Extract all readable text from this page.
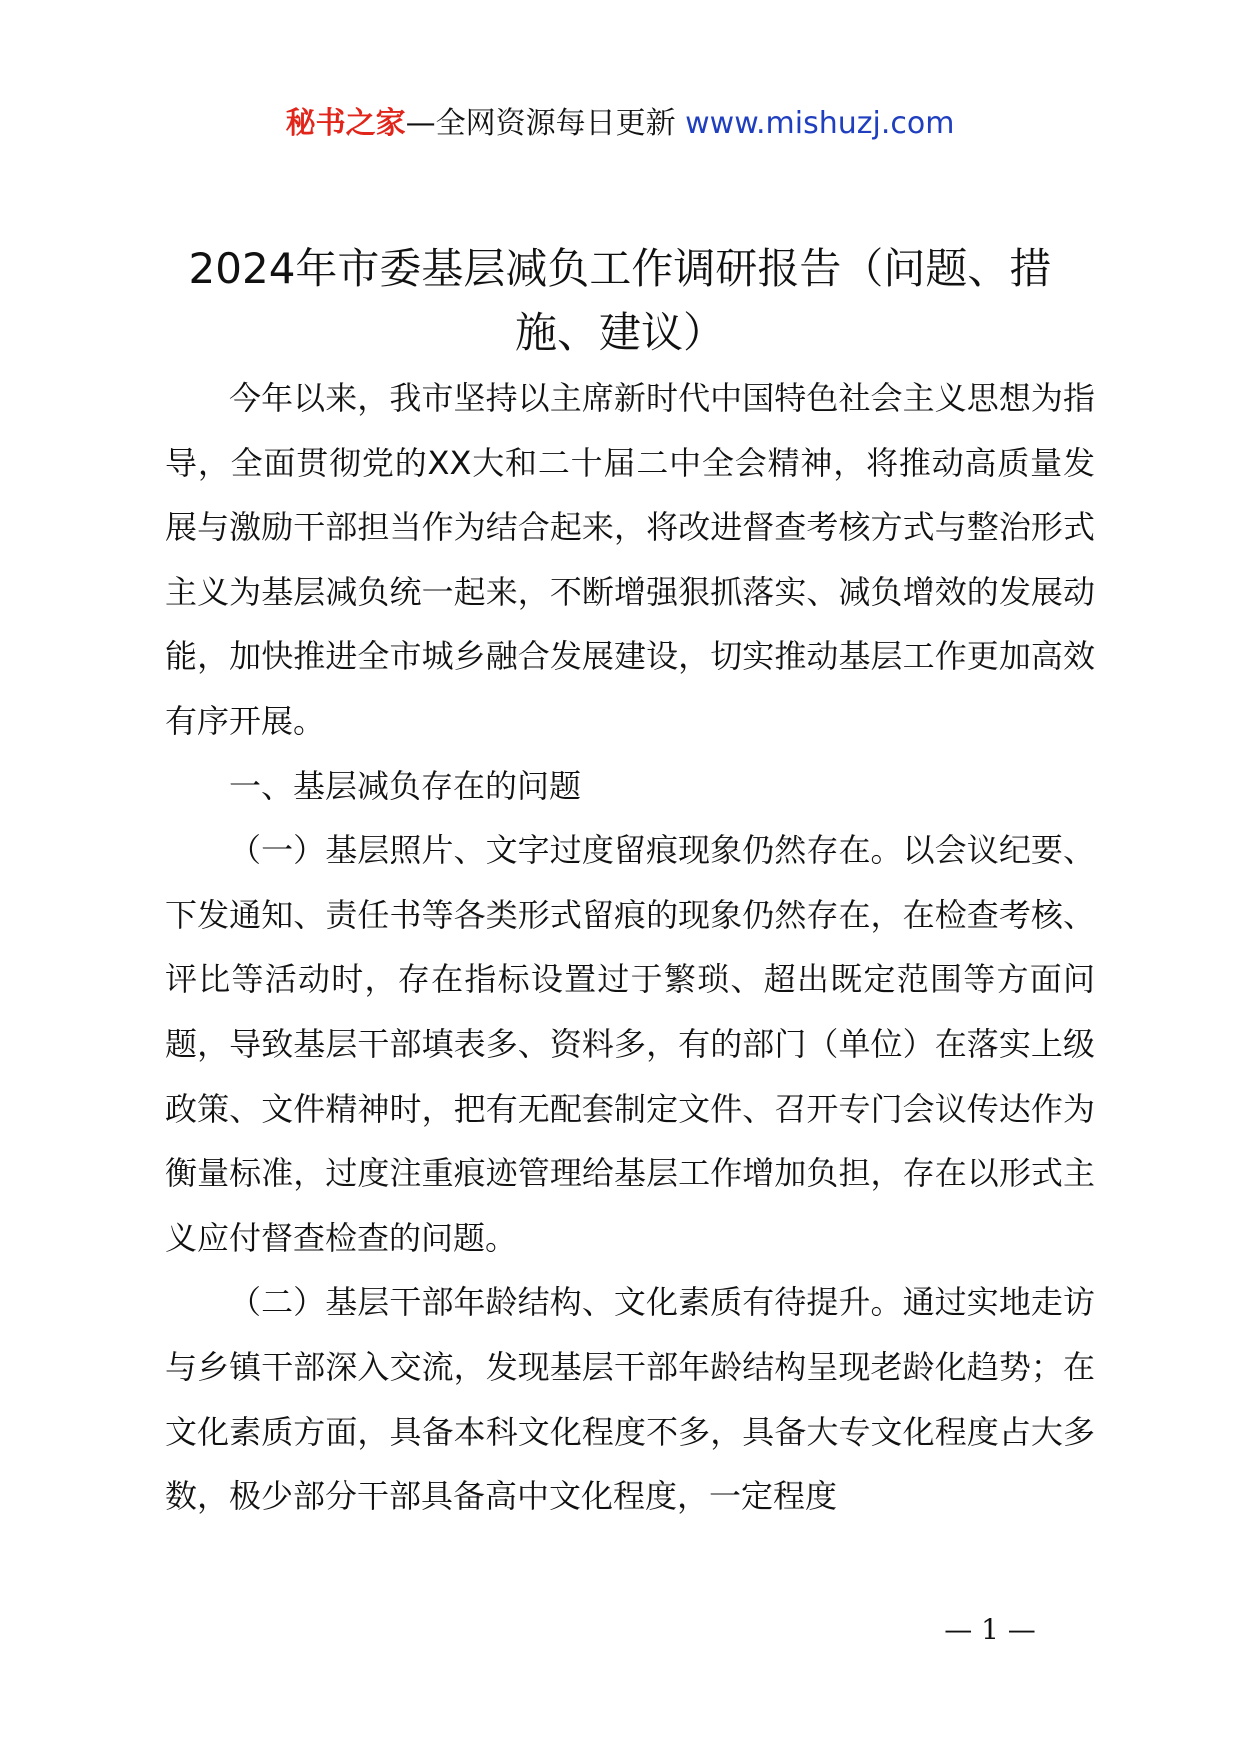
秘书之家—全网资源每日更新 www.mishuzj.com
2024年市委基层减负工作调研报告（问题、措施、建议）

今年以来，我市坚持以主席新时代中国特色社会主义思想为指导，全面贯彻党的XX大和二十届二中全会精神，将推动高质量发展与激励干部担当作为结合起来，将改进督查考核方式与整治形式主义为基层减负统一起来，不断增强狠抓落实、减负增效的发展动能，加快推进全市城乡融合发展建设，切实推动基层工作更加高效有序开展。

一、基层减负存在的问题

（一）基层照片、文字过度留痕现象仍然存在。以会议纪要、下发通知、责任书等各类形式留痕的现象仍然存在，在检查考核、评比等活动时，存在指标设置过于繁琐、超出既定范围等方面问题，导致基层干部填表多、资料多，有的部门（单位）在落实上级政策、文件精神时，把有无配套制定文件、召开专门会议传达作为衡量标准，过度注重痕迹管理给基层工作增加负担，存在以形式主义应付督查检查的问题。

（二）基层干部年龄结构、文化素质有待提升。通过实地走访与乡镇干部深入交流，发现基层干部年龄结构呈现老龄化趋势；在文化素质方面，具备本科文化程度不多，具备大专文化程度占大多数，极少部分干部具备高中文化程度，一定程度

— 1 —
